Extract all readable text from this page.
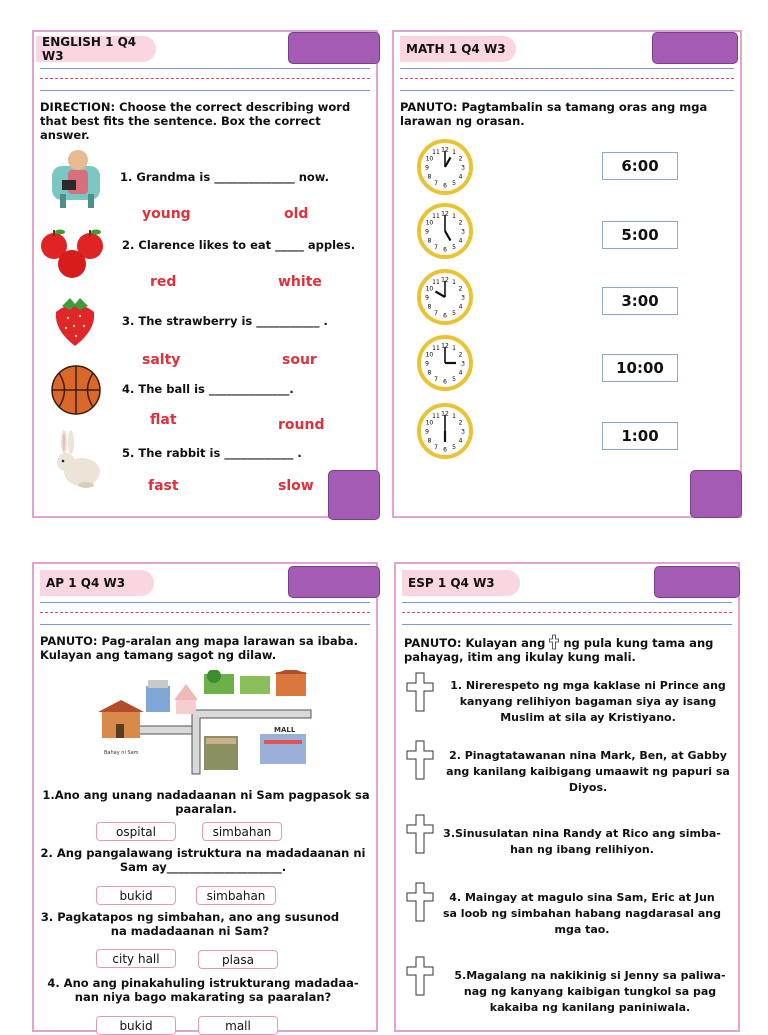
ENGLISH 1 Q4 W3
DIRECTION: Choose the correct describing word that best fits the sentence. Box the correct answer.
1. Grandma is ______________ now.
young	old
2. Clarence likes to eat _____ apples.
red	white
3. The strawberry is ___________ .
salty	sour
4. The ball is ______________.
flat	round
5. The rabbit is ____________ .
fast	slow
MATH 1 Q4 W3
PANUTO: Pagtambalin sa tamang oras ang mga larawan ng orasan.
1
2
3
4
5
6
7
8
9
10
11 12
1
2
3
4
5
6
7
8
9
10
11 12
1
2
3
4
5
6
7
8
9
10
11 12
1
2
3
4
5
6
7
8
9
10
11 12
1
2
3
4
5
6
7
8
9
10
11 12
6:00
5:00
3:00
10:00
1:00
AP 1 Q4 W3
PANUTO: Pag-aralan ang mapa larawan sa ibaba. Kulayan ang tamang sagot ng dilaw.
MALL
Bahay ni Sam
1.Ano ang unang nadadaanan ni Sam pagpasok sa paaralan.
ospital	simbahan
2. Ang pangalawang istruktura na madadaanan ni Sam ay____________________.
bukid	simbahan
3. Pagkatapos ng simbahan, ano ang susunod na madadaanan ni Sam?
city hall	plasa
4. Ano ang pinakahuling istrukturang madadaa- nan niya bago makarating sa paaralan?
bukid	mall
ESP 1 Q4 W3
PANUTO: Kulayan ang ng pula kung tama ang pahayag, itim ang ikulay kung mali.
1. Nirerespeto ng mga kaklase ni Prince ang kanyang relihiyon bagaman siya ay isang Muslim at sila ay Kristiyano.
2. Pinagtatawanan nina Mark, Ben, at Gabby ang kanilang kaibigang umaawit ng papuri sa Diyos.
3.Sinusulatan nina Randy at Rico ang simba- han ng ibang relihiyon.
4. Maingay at magulo sina Sam, Eric at Jun sa loob ng simbahan habang nagdarasal ang mga tao.
5.Magalang na nakikinig si Jenny sa paliwa- nag ng kanyang kaibigan tungkol sa pag kakaiba ng kanilang paniniwala.
